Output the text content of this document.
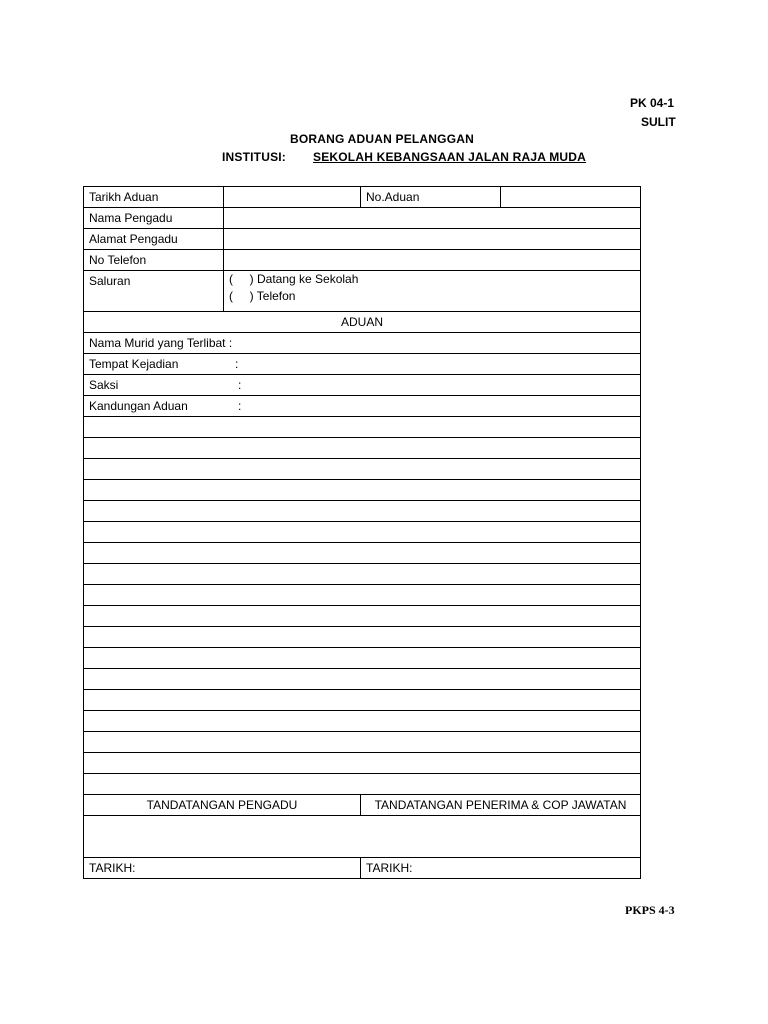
PK 04-1
SULIT
BORANG ADUAN PELANGGAN
INSTITUSI: SEKOLAH KEBANGSAAN JALAN RAJA MUDA
Tarikh Aduan		No.Aduan	
Nama Pengadu			
Alamat Pengadu			
No Telefon			
Saluran	(     ) Datang ke Sekolah
(     ) Telefon		

ADUAN			
Nama Murid yang Terlibat :			
Tempat Kejadian :			
Saksi :			
Kandungan Aduan :			

TANDATANGAN PENGADU		TANDATANGAN PENERIMA & COP JAWATAN	

TARIKH:		TARIKH:	
PKPS 4-3
